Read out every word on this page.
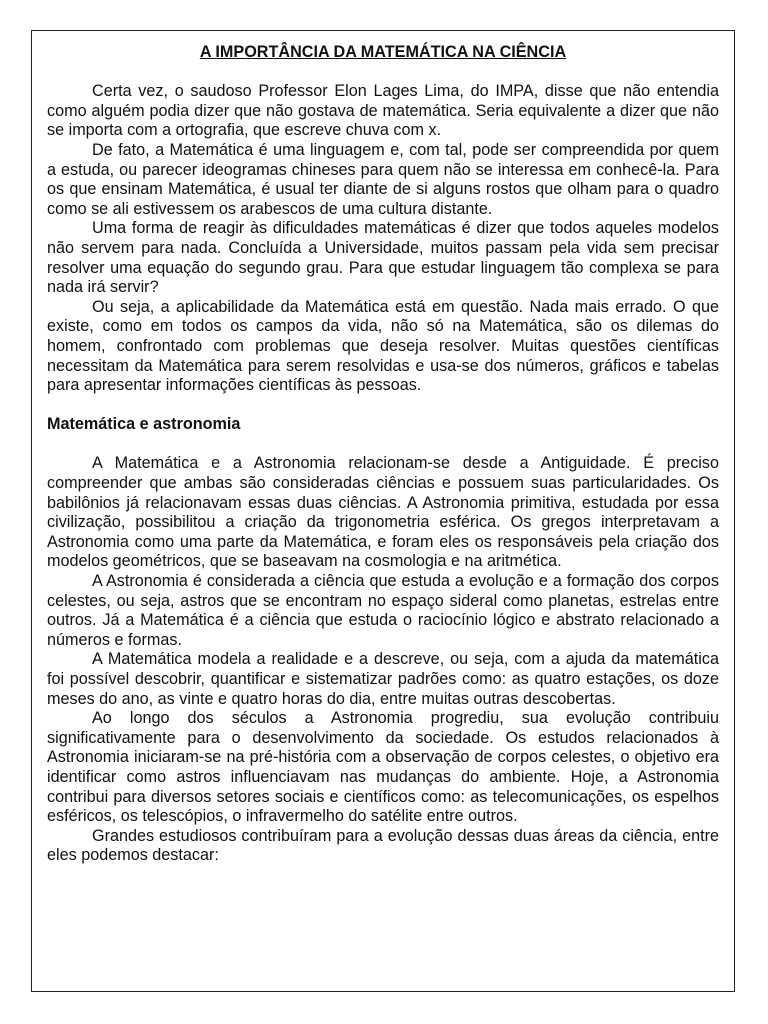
A IMPORTÂNCIA DA MATEMÁTICA NA CIÊNCIA

Certa vez, o saudoso Professor Elon Lages Lima, do IMPA, disse que não entendia como alguém podia dizer que não gostava de matemática. Seria equivalente a dizer que não se importa com a ortografia, que escreve chuva com x.

De fato, a Matemática é uma linguagem e, com tal, pode ser compreendida por quem a estuda, ou parecer ideogramas chineses para quem não se interessa em conhecê-la. Para os que ensinam Matemática, é usual ter diante de si alguns rostos que olham para o quadro como se ali estivessem os arabescos de uma cultura distante.

Uma forma de reagir às dificuldades matemáticas é dizer que todos aqueles modelos não servem para nada. Concluída a Universidade, muitos passam pela vida sem precisar resolver uma equação do segundo grau. Para que estudar linguagem tão complexa se para nada irá servir?

Ou seja, a aplicabilidade da Matemática está em questão. Nada mais errado. O que existe, como em todos os campos da vida, não só na Matemática, são os dilemas do homem, confrontado com problemas que deseja resolver. Muitas questões científicas necessitam da Matemática para serem resolvidas e usa-se dos números, gráficos e tabelas para apresentar informações científicas às pessoas.

Matemática e astronomia

A Matemática e a Astronomia relacionam-se desde a Antiguidade. É preciso compreender que ambas são consideradas ciências e possuem suas particularidades. Os babilônios já relacionavam essas duas ciências. A Astronomia primitiva, estudada por essa civilização, possibilitou a criação da trigonometria esférica. Os gregos interpretavam a Astronomia como uma parte da Matemática, e foram eles os responsáveis pela criação dos modelos geométricos, que se baseavam na cosmologia e na aritmética.

A Astronomia é considerada a ciência que estuda a evolução e a formação dos corpos celestes, ou seja, astros que se encontram no espaço sideral como planetas, estrelas entre outros. Já a Matemática é a ciência que estuda o raciocínio lógico e abstrato relacionado a números e formas.

A Matemática modela a realidade e a descreve, ou seja, com a ajuda da matemática foi possível descobrir, quantificar e sistematizar padrões como: as quatro estações, os doze meses do ano, as vinte e quatro horas do dia, entre muitas outras descobertas.

Ao longo dos séculos a Astronomia progrediu, sua evolução contribuiu significativamente para o desenvolvimento da sociedade. Os estudos relacionados à Astronomia iniciaram-se na pré-história com a observação de corpos celestes, o objetivo era identificar como astros influenciavam nas mudanças do ambiente. Hoje, a Astronomia contribui para diversos setores sociais e científicos como: as telecomunicações, os espelhos esféricos, os telescópios, o infravermelho do satélite entre outros.

Grandes estudiosos contribuíram para a evolução dessas duas áreas da ciência, entre eles podemos destacar:
